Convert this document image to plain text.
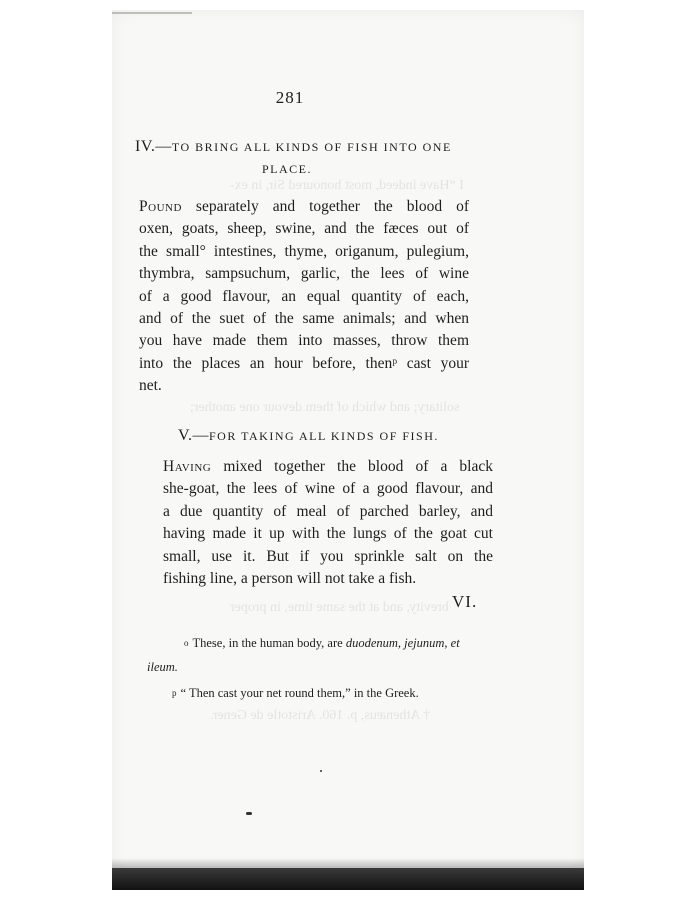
I “Have indeed, most honoured Sir, in ex-
solitary; and which of them devour one another;
brevity, and at the same time, in proper
† Athenæus, p. 160. Aristotle de Gener.
281
IV.—TO BRING ALL KINDS OF FISH INTO ONE
PLACE.
Pound separately and together the blood of
oxen, goats, sheep, swine, and the fæces out of
the small° intestines, thyme, origanum, pulegium,
thymbra, sampsuchum, garlic, the lees of wine
of a good flavour, an equal quantity of each,
and of the suet of the same animals; and when
you have made them into masses, throw them
into the places an hour before, thenᵖ cast your
net.
V.—FOR TAKING ALL KINDS OF FISH.
Having mixed together the blood of a black
she-goat, the lees of wine of a good flavour, and
a due quantity of meal of parched barley, and
having made it up with the lungs of the goat cut
small, use it. But if you sprinkle salt on the
fishing line, a person will not take a fish.
VI.
o These, in the human body, are duodenum, jejunum, et
ileum.
p “ Then cast your net round them,” in the Greek.
